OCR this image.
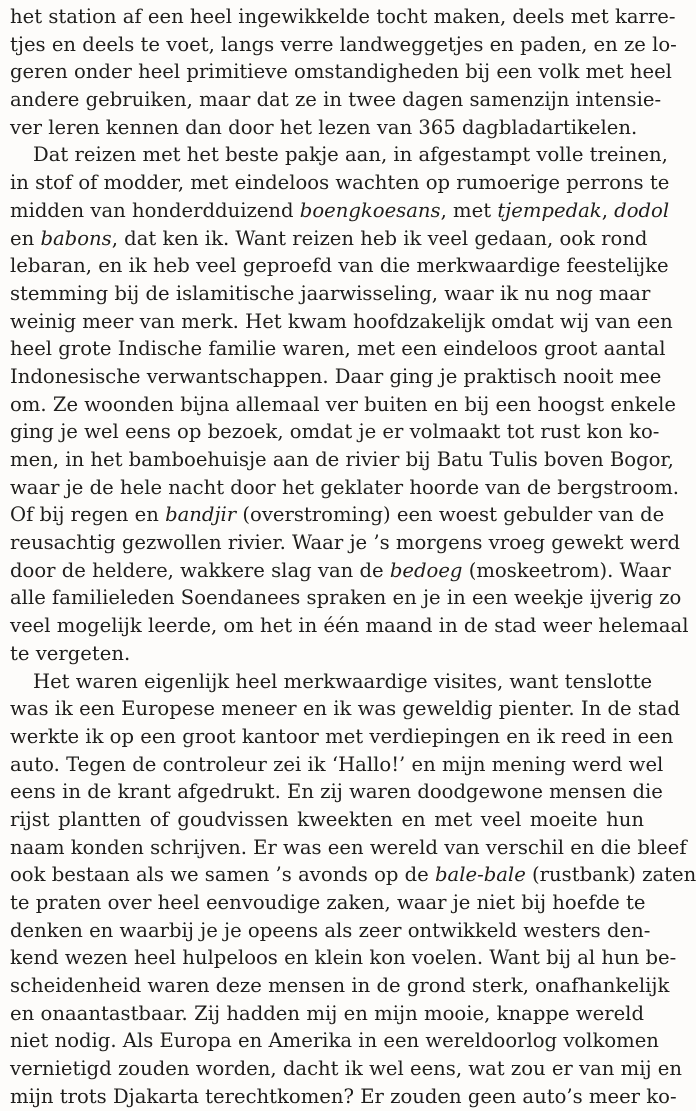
het station af een heel ingewikkelde tocht maken, deels met karre-
tjes en deels te voet, langs verre landweggetjes en paden, en ze lo-
geren onder heel primitieve omstandigheden bij een volk met heel
andere gebruiken, maar dat ze in twee dagen samenzijn intensie-
ver leren kennen dan door het lezen van 365 dagbladartikelen.
Dat reizen met het beste pakje aan, in afgestampt volle treinen,
in stof of modder, met eindeloos wachten op rumoerige perrons te
midden van honderdduizend boengkoesans, met tjempedak, dodol
en babons, dat ken ik. Want reizen heb ik veel gedaan, ook rond
lebaran, en ik heb veel geproefd van die merkwaardige feestelijke
stemming bij de islamitische jaarwisseling, waar ik nu nog maar
weinig meer van merk. Het kwam hoofdzakelijk omdat wij van een
heel grote Indische familie waren, met een eindeloos groot aantal
Indonesische verwantschappen. Daar ging je praktisch nooit mee
om. Ze woonden bijna allemaal ver buiten en bij een hoogst enkele
ging je wel eens op bezoek, omdat je er volmaakt tot rust kon ko-
men, in het bamboehuisje aan de rivier bij Batu Tulis boven Bogor,
waar je de hele nacht door het geklater hoorde van de bergstroom.
Of bij regen en bandjir (overstroming) een woest gebulder van de
reusachtig gezwollen rivier. Waar je ’s morgens vroeg gewekt werd
door de heldere, wakkere slag van de bedoeg (moskeetrom). Waar
alle familieleden Soendanees spraken en je in een weekje ijverig zo
veel mogelijk leerde, om het in één maand in de stad weer helemaal
te vergeten.
Het waren eigenlijk heel merkwaardige visites, want tenslotte
was ik een Europese meneer en ik was geweldig pienter. In de stad
werkte ik op een groot kantoor met verdiepingen en ik reed in een
auto. Tegen de controleur zei ik ‘Hallo!’ en mijn mening werd wel
eens in de krant afgedrukt. En zij waren doodgewone mensen die
rijst plantten of goudvissen kweekten en met veel moeite hun
naam konden schrijven. Er was een wereld van verschil en die bleef
ook bestaan als we samen ’s avonds op de bale-bale (rustbank) zaten
te praten over heel eenvoudige zaken, waar je niet bij hoefde te
denken en waarbij je je opeens als zeer ontwikkeld westers den-
kend wezen heel hulpeloos en klein kon voelen. Want bij al hun be-
scheidenheid waren deze mensen in de grond sterk, onafhankelijk
en onaantastbaar. Zij hadden mij en mijn mooie, knappe wereld
niet nodig. Als Europa en Amerika in een wereldoorlog volkomen
vernietigd zouden worden, dacht ik wel eens, wat zou er van mij en
mijn trots Djakarta terechtkomen? Er zouden geen auto’s meer ko-
